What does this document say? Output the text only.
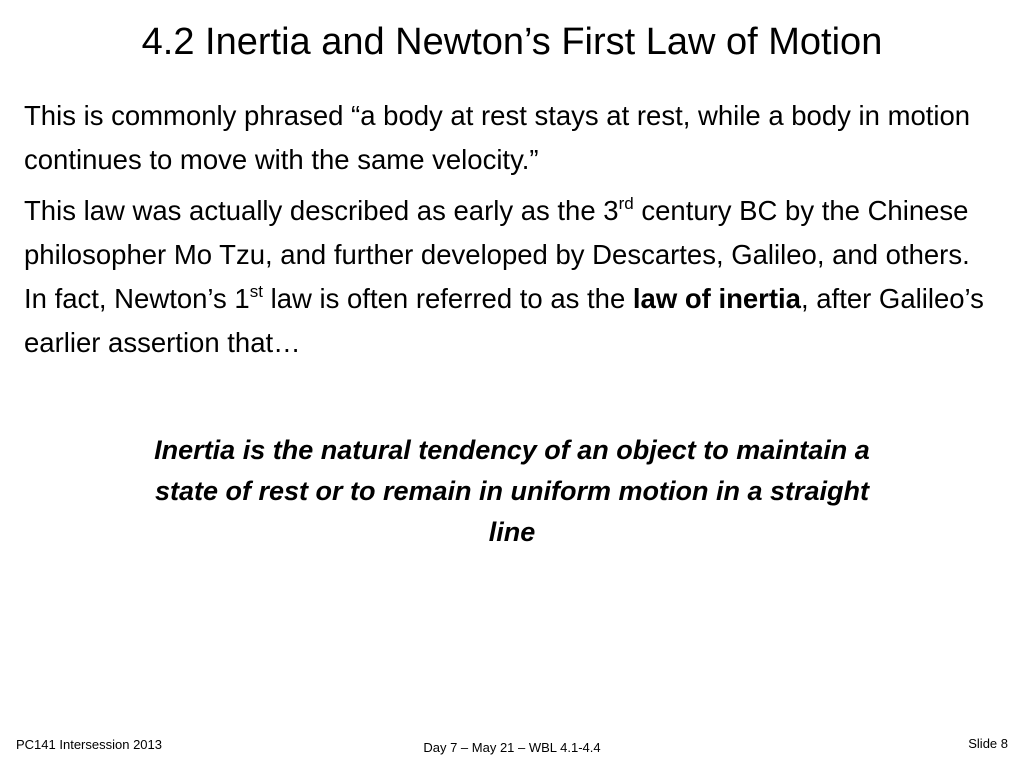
4.2 Inertia and Newton’s First Law of Motion

This is commonly phrased “a body at rest stays at rest, while a body in motion continues to move with the same velocity.”

This law was actually described as early as the 3rd century BC by the Chinese philosopher Mo Tzu, and further developed by Descartes, Galileo, and others. In fact, Newton’s 1st law is often referred to as the law of inertia, after Galileo’s earlier assertion that…

Inertia is the natural tendency of an object to maintain a state of rest or to remain in uniform motion in a straight line
PC141 Intersession 2013	Day 7 – May 21 – WBL 4.1-4.4	Slide 8
